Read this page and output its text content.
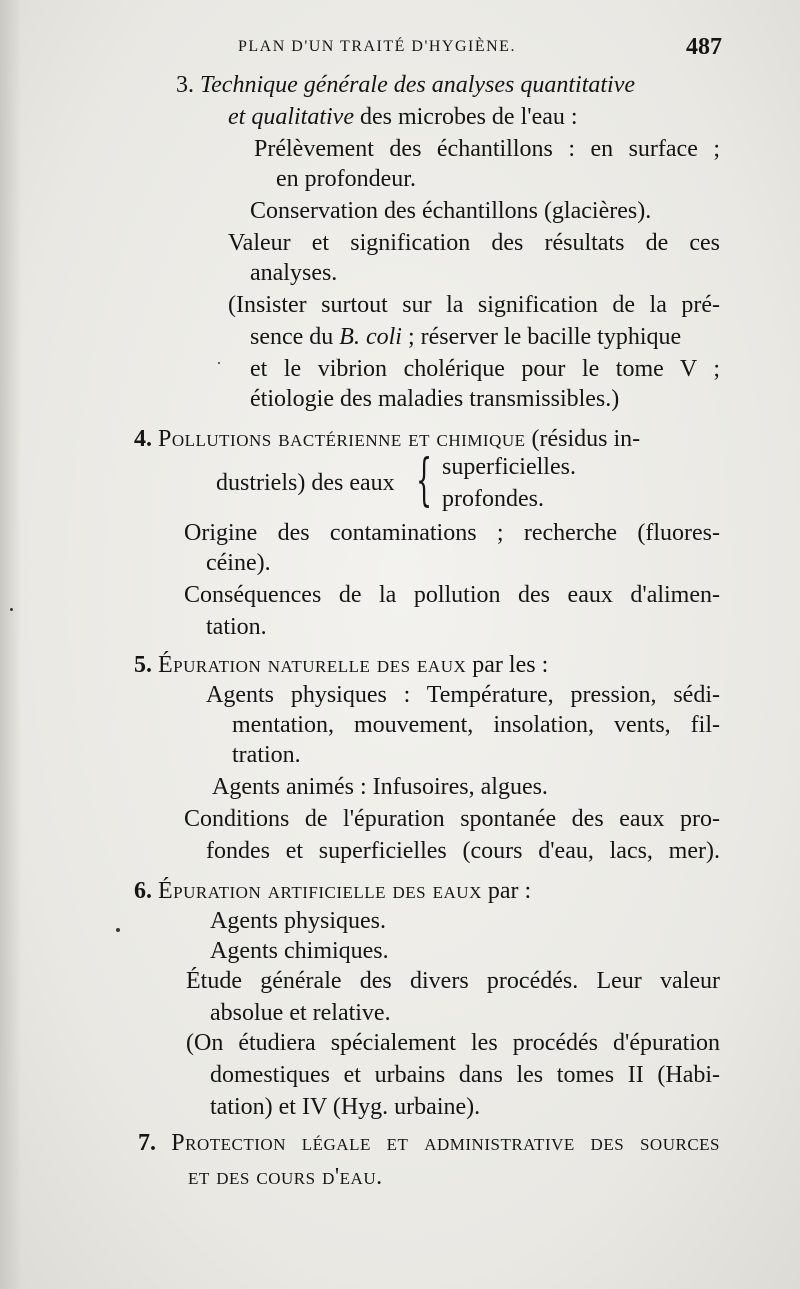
PLAN D'UN TRAITÉ D'HYGIÈNE.	487
3. Technique générale des analyses quantitative
et qualitative des microbes de l'eau :
Prélèvement des échantillons : en surface ;
en profondeur.
Conservation des échantillons (glacières).
Valeur et signification des résultats de ces
analyses.
(Insister surtout sur la signification de la pré-
sence du B. coli ; réserver le bacille typhique
et le vibrion cholérique pour le tome V ;
étiologie des maladies transmissibles.)
4. Pollutions bactérienne et chimique (résidus in-
dustriels) des eaux { superficielles.
profondes.
Origine des contaminations ; recherche (fluores-
céine).
Conséquences de la pollution des eaux d'alimen-
tation.
5. Épuration naturelle des eaux par les :
Agents physiques : Température, pression, sédi-
mentation, mouvement, insolation, vents, fil-
tration.
Agents animés : Infusoires, algues.
Conditions de l'épuration spontanée des eaux pro-
fondes et superficielles (cours d'eau, lacs, mer).
6. Épuration artificielle des eaux par :
Agents physiques.
Agents chimiques.
Étude générale des divers procédés. Leur valeur
absolue et relative.
(On étudiera spécialement les procédés d'épuration
domestiques et urbains dans les tomes II (Habi-
tation) et IV (Hyg. urbaine).
7. Protection légale et administrative des sources
et des cours d'eau.
